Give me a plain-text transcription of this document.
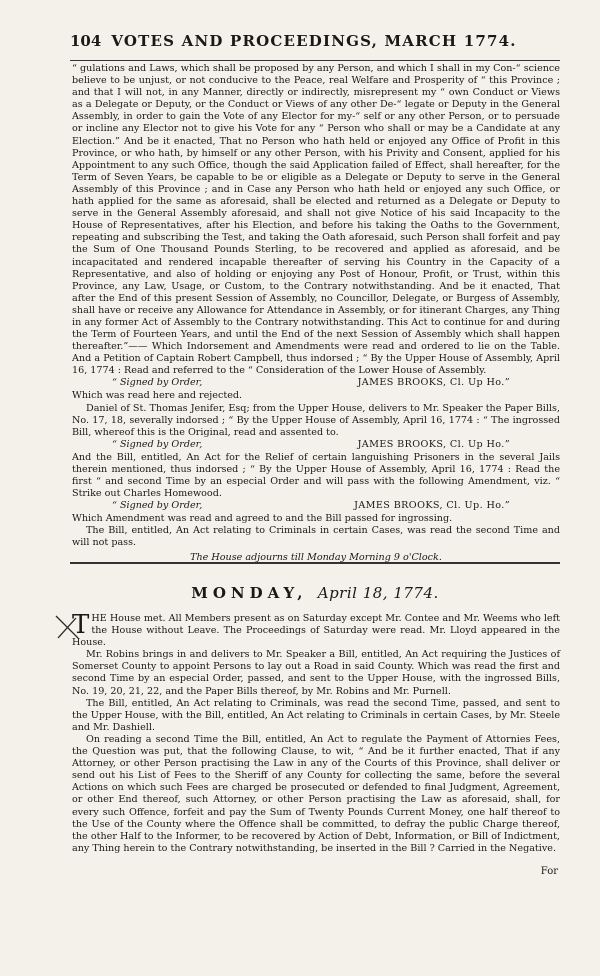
104 VOTES AND PROCEEDINGS, MARCH 1774.

“ gulations and Laws, which shall be proposed by any Person, and which I shall in my Con-“ science believe to be unjust, or not conducive to the Peace, real Welfare and Prosperity of “ this Province ; and that I will not, in any Manner, directly or indirectly, misrepresent my “ own Conduct or Views as a Delegate or Deputy, or the Conduct or Views of any other De-“ legate or Deputy in the General Assembly, in order to gain the Vote of any Elector for my-“ self or any other Person, or to persuade or incline any Elector not to give his Vote for any “ Person who shall or may be a Candidate at any Election.” And be it enacted, That no Person who hath held or enjoyed any Office of Profit in this Province, or who hath, by himself or any other Person, with his Privity and Consent, applied for his Appointment to any such Office, though the said Application failed of Effect, shall hereafter, for the Term of Seven Years, be capable to be or eligible as a Delegate or Deputy to serve in the General Assembly of this Province ; and in Case any Person who hath held or enjoyed any such Office, or hath applied for the same as aforesaid, shall be elected and returned as a Delegate or Deputy to serve in the General Assembly aforesaid, and shall not give Notice of his said Incapacity to the House of Representatives, after his Election, and before his taking the Oaths to the Government, repeating and subscribing the Test, and taking the Oath aforesaid, such Person shall forfeit and pay the Sum of One Thousand Pounds Sterling, to be recovered and applied as aforesaid, and be incapacitated and rendered incapable thereafter of serving his Country in the Capacity of a Representative, and also of holding or enjoying any Post of Honour, Profit, or Trust, within this Province, any Law, Usage, or Custom, to the Contrary notwithstanding. And be it enacted, That after the End of this present Session of Assembly, no Councillor, Delegate, or Burgess of Assembly, shall have or receive any Allowance for Attendance in Assembly, or for itinerant Charges, any Thing in any former Act of Assembly to the Contrary notwithstanding. This Act to continue for and during the Term of Fourteen Years, and until the End of the next Session of Assembly which shall happen thereafter.”—— Which Indorsement and Amendments were read and ordered to lie on the Table. And a Petition of Captain Robert Campbell, thus indorsed ; “ By the Upper House of Assembly, April 16, 1774 : Read and referred to the “ Consideration of the Lower House of Assembly.

“ Signed by Order,	JAMES BROOKS, Cl. Up Ho.”

Which was read here and rejected.

Daniel of St. Thomas Jenifer, Esq; from the Upper House, delivers to Mr. Speaker the Paper Bills, No. 17, 18, severally indorsed ; “ By the Upper House of Assembly, April 16, 1774 : “ The ingrossed Bill, whereof this is the Original, read and assented to.

“ Signed by Order,	JAMES BROOKS, Cl. Up Ho.”

And the Bill, entitled, An Act for the Relief of certain languishing Prisoners in the several Jails therein mentioned, thus indorsed ; “ By the Upper House of Assembly, April 16, 1774 : Read the first “ and second Time by an especial Order and will pass with the following Amendment, viz. “ Strike out Charles Homewood.

“ Signed by Order,	JAMES BROOKS, Cl. Up. Ho.”

Which Amendment was read and agreed to and the Bill passed for ingrossing.

The Bill, entitled, An Act relating to Criminals in certain Cases, was read the second Time and will not pass.

The House adjourns till Monday Morning 9 o'Clock.

MONDAY, April 18, 1774.

T HE House met. All Members present as on Saturday except Mr. Contee and Mr. Weems who left the House without Leave. The Proceedings of Saturday were read. Mr. Lloyd appeared in the House.

Mr. Robins brings in and delivers to Mr. Speaker a Bill, entitled, An Act requiring the Justices of Somerset County to appoint Persons to lay out a Road in said County. Which was read the first and second Time by an especial Order, passed, and sent to the Upper House, with the ingrossed Bills, No. 19, 20, 21, 22, and the Paper Bills thereof, by Mr. Robins and Mr. Purnell.

The Bill, entitled, An Act relating to Criminals, was read the second Time, passed, and sent to the Upper House, with the Bill, entitled, An Act relating to Criminals in certain Cases, by Mr. Steele and Mr. Dashiell.

On reading a second Time the Bill, entitled, An Act to regulate the Payment of Attornies Fees, the Question was put, that the following Clause, to wit, “ And be it further enacted, That if any Attorney, or other Person practising the Law in any of the Courts of this Province, shall deliver or send out his List of Fees to the Sheriff of any County for collecting the same, before the several Actions on which such Fees are charged be prosecuted or defended to final Judgment, Agreement, or other End thereof, such Attorney, or other Person practising the Law as aforesaid, shall, for every such Offence, forfeit and pay the Sum of Twenty Pounds Current Money, one half thereof to the Use of the County where the Offence shall be committed, to defray the public Charge thereof, the other Half to the Informer, to be recovered by Action of Debt, Information, or Bill of Indictment, any Thing herein to the Contrary notwithstanding, be inserted in the Bill ? Carried in the Negative.

For
